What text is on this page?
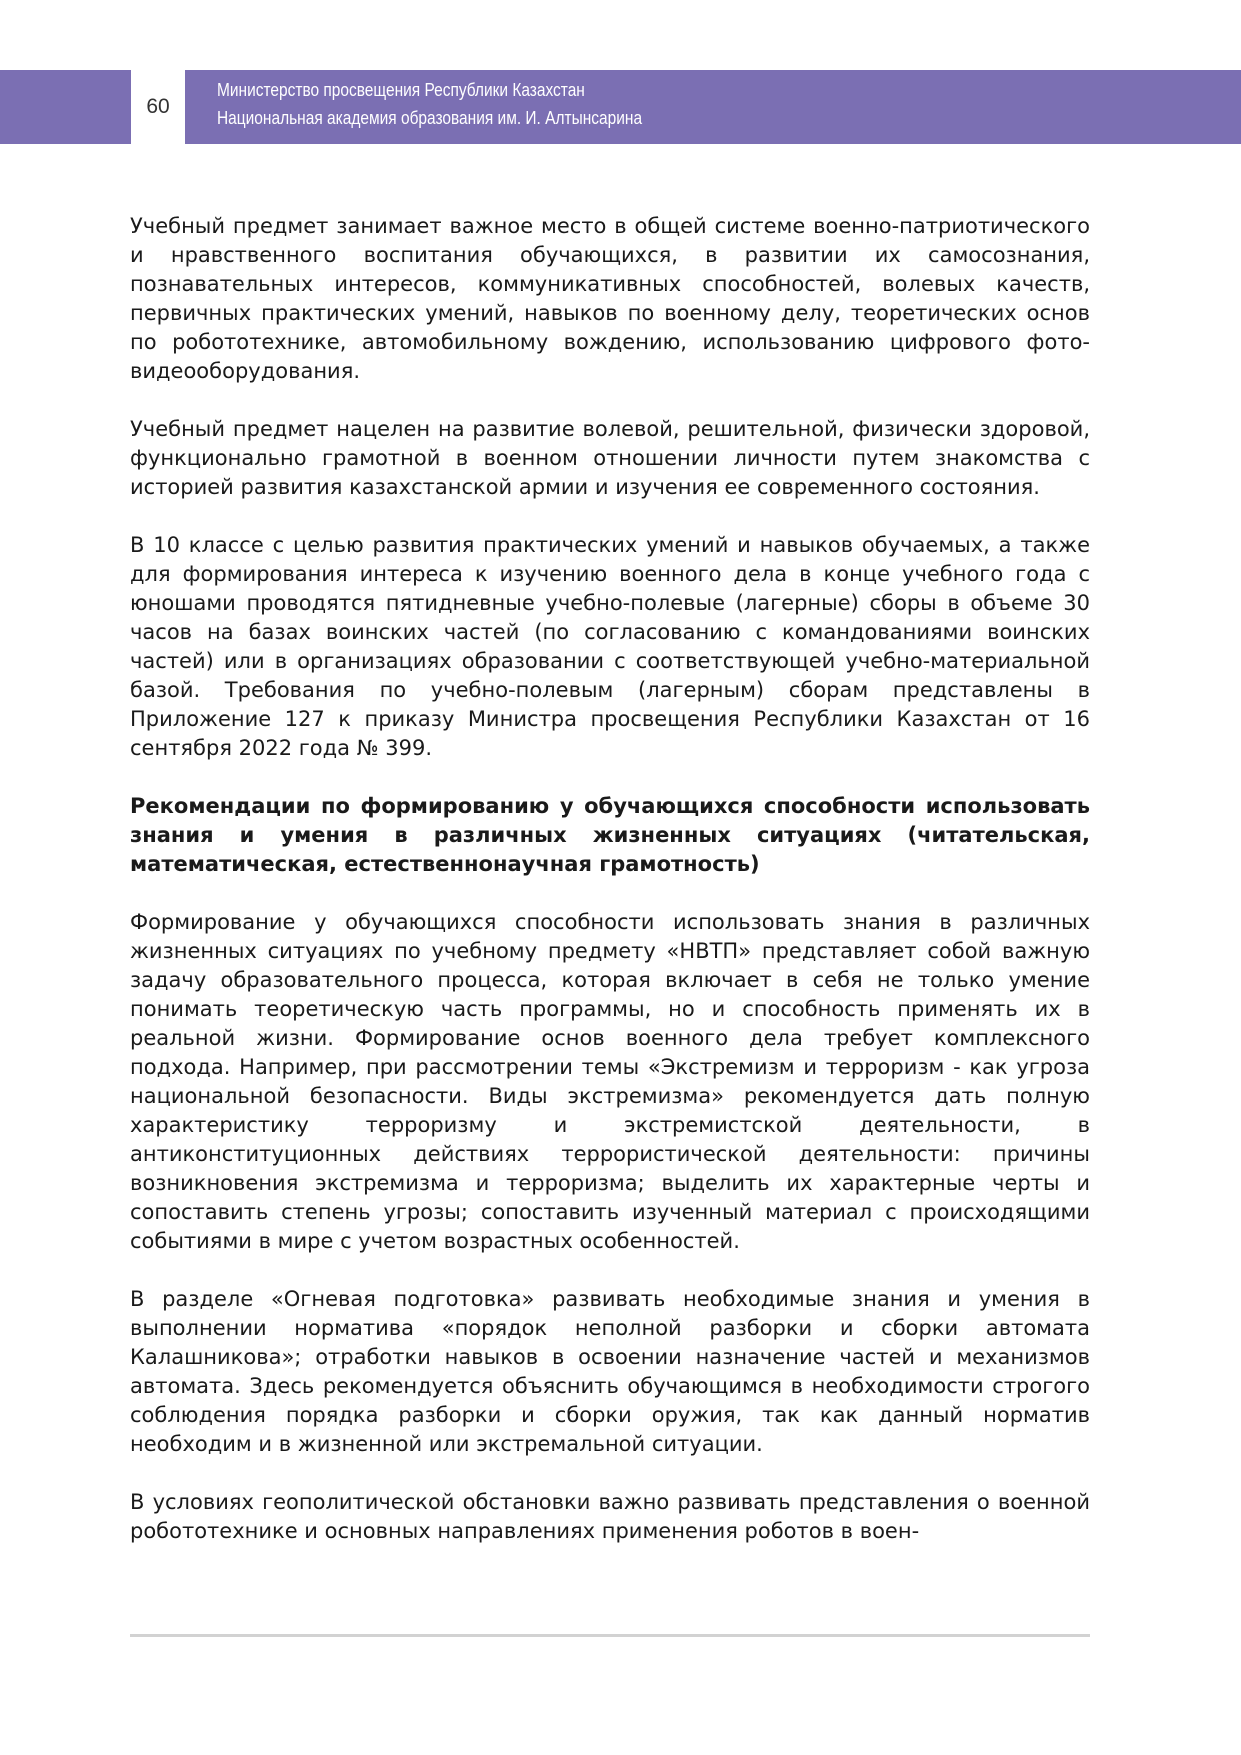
60
Министерство просвещения Республики Казахстан
Национальная академия образования им. И. Алтынсарина

Учебный предмет занимает важное место в общей системе военно-патриотического и нравственного воспитания обучающихся, в развитии их самосознания, познавательных интересов, коммуникативных способностей, волевых качеств, первичных практических умений, навыков по военному делу, теоретических основ по робототехнике, автомобильному вождению, использованию цифрового фото-видеооборудования.

Учебный предмет нацелен на развитие волевой, решительной, физически здоровой, функционально грамотной в военном отношении личности путем знакомства с историей развития казахстанской армии и изучения ее современного состояния.

В 10 классе с целью развития практических умений и навыков обучаемых, а также для формирования интереса к изучению военного дела в конце учебного года с юношами проводятся пятидневные учебно-полевые (лагерные) сборы в объеме 30 часов на базах воинских частей (по согласованию с командованиями воинских частей) или в организациях образовании с соответствующей учебно-материальной базой. Требования по учебно-полевым (лагерным) сборам представлены в Приложение 127 к приказу Министра просвещения Республики Казахстан от 16 сентября 2022 года № 399.

Рекомендации по формированию у обучающихся способности использовать знания и умения в различных жизненных ситуациях (читательская, математическая, естественнонаучная грамотность)

Формирование у обучающихся способности использовать знания в различных жизненных ситуациях по учебному предмету «НВТП» представляет собой важную задачу образовательного процесса, которая включает в себя не только умение понимать теоретическую часть программы, но и способность применять их в реальной жизни. Формирование основ военного дела требует комплексного подхода. Например, при рассмотрении темы «Экстремизм и терроризм - как угроза национальной безопасности. Виды экстремизма» рекомендуется дать полную характеристику терроризму и экстремистской деятельности, в антиконституционных действиях террористической деятельности: причины возникновения экстремизма и терроризма; выделить их характерные черты и сопоставить степень угрозы; сопоставить изученный материал с происходящими событиями в мире с учетом возрастных особенностей.

В разделе «Огневая подготовка» развивать необходимые знания и умения в выполнении норматива «порядок неполной разборки и сборки автомата Калашникова»; отработки навыков в освоении назначение частей и механизмов автомата. Здесь рекомендуется объяснить обучающимся в необходимости строгого соблюдения порядка разборки и сборки оружия, так как данный норматив необходим и в жизненной или экстремальной ситуации.

В условиях геополитической обстановки важно развивать представления о военной робототехнике и основных направлениях применения роботов в воен-
